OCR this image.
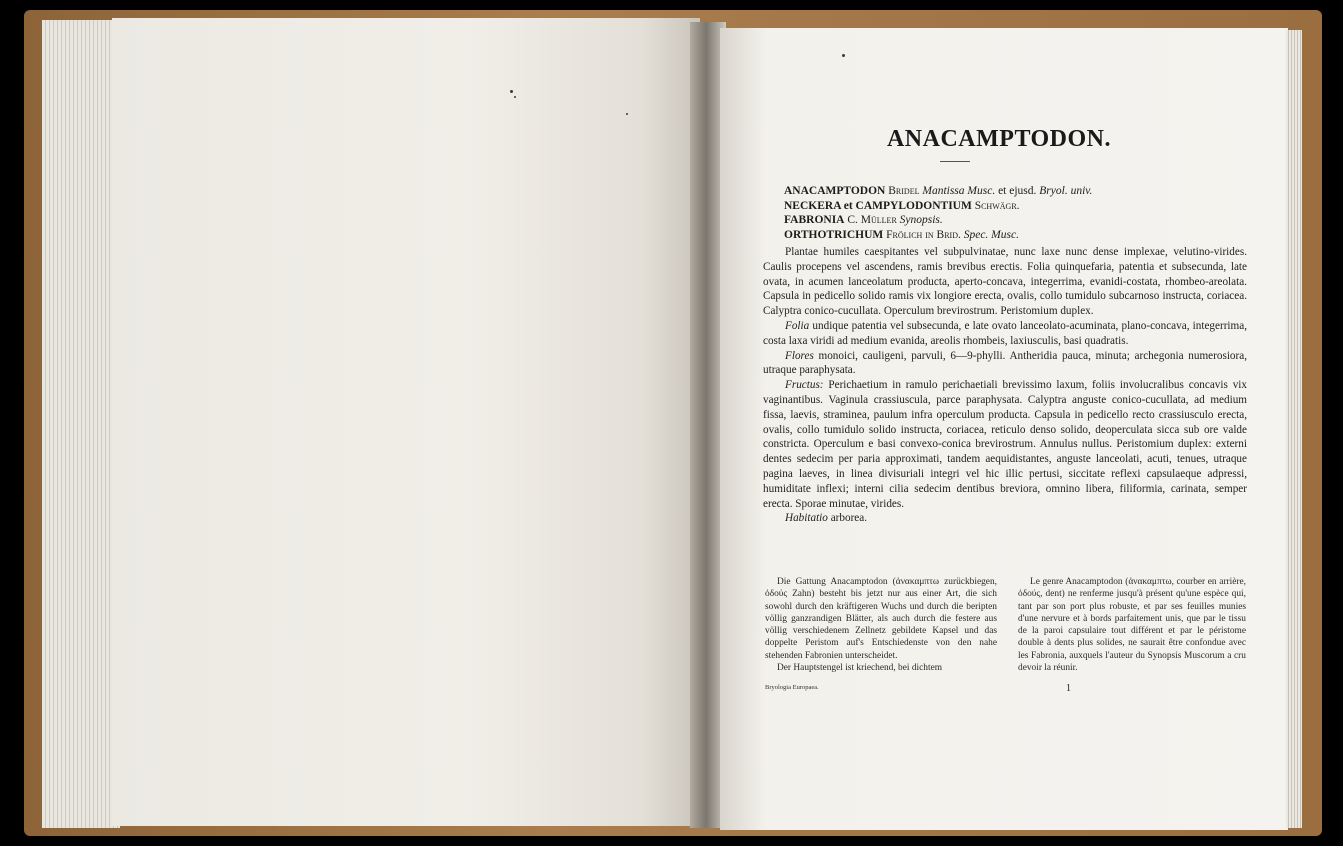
ANACAMPTODON.
ANACAMPTODON Bridel Mantissa Musc. et ejusd. Bryol. univ.
NECKERA et CAMPYLODONTIUM Schwägr.
FABRONIA C. Müller Synopsis.
ORTHOTRICHUM Frölich in Brid. Spec. Musc.

Plantae humiles caespitantes vel subpulvinatae, nunc laxe nunc dense implexae, velutino-virides. Caulis procepens vel ascendens, ramis brevibus erectis. Folia quinquefaria, patentia et subsecunda, late ovata, in acumen lanceolatum producta, aperto-concava, integerrima, evanidi-costata, rhombeo-areolata. Capsula in pedicello solido ramis vix longiore erecta, ovalis, collo tumidulo subcarnoso instructa, coriacea. Calyptra conico-cucullata. Operculum brevirostrum. Peristomium duplex.

Folia undique patentia vel subsecunda, e late ovato lanceolato-acuminata, plano-concava, integerrima, costa laxa viridi ad medium evanida, areolis rhombeis, laxiusculis, basi quadratis.

Flores monoici, cauligeni, parvuli, 6—9-phylli. Antheridia pauca, minuta; archegonia numerosiora, utraque paraphysata.

Fructus: Perichaetium in ramulo perichaetiali brevissimo laxum, foliis involucralibus concavis vix vaginantibus. Vaginula crassiuscula, parce paraphysata. Calyptra anguste conico-cucullata, ad medium fissa, laevis, straminea, paulum infra operculum producta. Capsula in pedicello recto crassiusculo erecta, ovalis, collo tumidulo solido instructa, coriacea, reticulo denso solido, deoperculata sicca sub ore valde constricta. Operculum e basi convexo-conica brevirostrum. Annulus nullus. Peristomium duplex: externi dentes sedecim per paria approximati, tandem aequidistantes, anguste lanceolati, acuti, tenues, utraque pagina laeves, in linea divisuriali integri vel hic illic pertusi, siccitate reflexi capsulaeque adpressi, humiditate inflexi; interni cilia sedecim dentibus breviora, omnino libera, filiformia, carinata, semper erecta. Sporae minutae, virides.

Habitatio arborea.

Die Gattung Anacamptodon (ἀνακαμπτω zurückbiegen, ὀδούς Zahn) besteht bis jetzt nur aus einer Art, die sich sowohl durch den kräftigeren Wuchs und durch die beripten völlig ganzrandigen Blätter, als auch durch die festere aus völlig verschiedenem Zellnetz gebildete Kapsel und das doppelte Peristom auf's Entschiedenste von den nahe stehenden Fabronien unterscheidet.

Der Hauptstengel ist kriechend, bei dichtem

Le genre Anacamptodon (ἀνακαμπτω, courber en arrière, ὀδούς, dent) ne renferme jusqu'à présent qu'une espèce qui, tant par son port plus robuste, et par ses feuilles munies d'une nervure et à bords parfaitement unis, que par le tissu de la paroi capsulaire tout différent et par le péristome double à dents plus solides, ne saurait être confondue avec les Fabronia, auxquels l'auteur du Synopsis Muscorum a cru devoir la réunir.

Bryologia Europaea.	1
